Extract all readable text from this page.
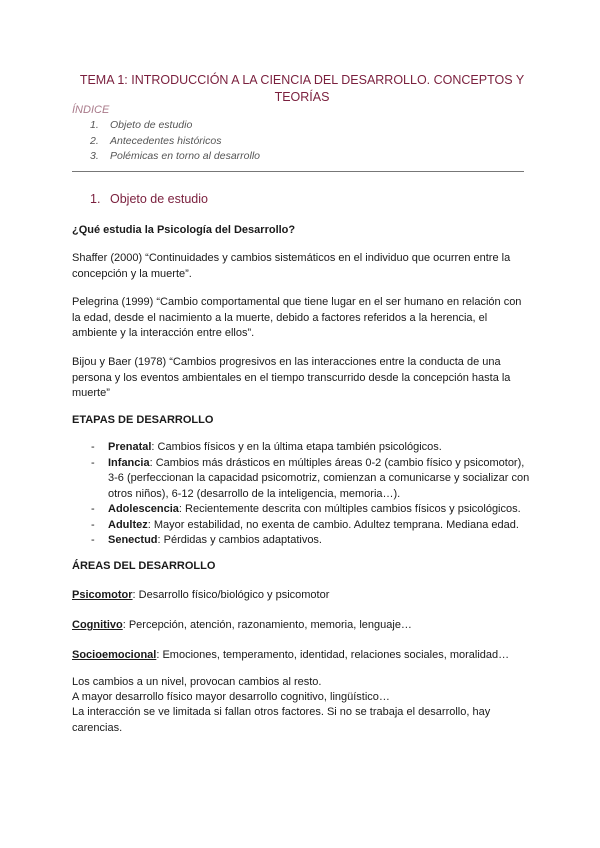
TEMA 1: INTRODUCCIÓN A LA CIENCIA DEL DESARROLLO. CONCEPTOS Y TEORÍAS
ÍNDICE
1. Objeto de estudio
2. Antecedentes históricos
3. Polémicas en torno al desarrollo
1. Objeto de estudio

¿Qué estudia la Psicología del Desarrollo?

Shaffer (2000) “Continuidades y cambios sistemáticos en el individuo que ocurren entre la concepción y la muerte”.

Pelegrina (1999) “Cambio comportamental que tiene lugar en el ser humano en relación con la edad, desde el nacimiento a la muerte, debido a factores referidos a la herencia, el ambiente y la interacción entre ellos”.

Bijou y Baer (1978) “Cambios progresivos en las interacciones entre la conducta de una persona y los eventos ambientales en el tiempo transcurrido desde la concepción hasta la muerte”

ETAPAS DE DESARROLLO

- Prenatal: Cambios físicos y en la última etapa también psicológicos.
- Infancia: Cambios más drásticos en múltiples áreas 0-2 (cambio físico y psicomotor), 3-6 (perfeccionan la capacidad psicomotriz, comienzan a comunicarse y socializar con otros niños), 6-12 (desarrollo de la inteligencia, memoria…).
- Adolescencia: Recientemente descrita con múltiples cambios físicos y psicológicos.
- Adultez: Mayor estabilidad, no exenta de cambio. Adultez temprana. Mediana edad.
- Senectud: Pérdidas y cambios adaptativos.

ÁREAS DEL DESARROLLO

Psicomotor: Desarrollo físico/biológico y psicomotor
Cognitivo: Percepción, atención, razonamiento, memoria, lenguaje…
Socioemocional: Emociones, temperamento, identidad, relaciones sociales, moralidad…

Los cambios a un nivel, provocan cambios al resto.

A mayor desarrollo físico mayor desarrollo cognitivo, lingüístico…

La interacción se ve limitada si fallan otros factores. Si no se trabaja el desarrollo, hay carencias.
